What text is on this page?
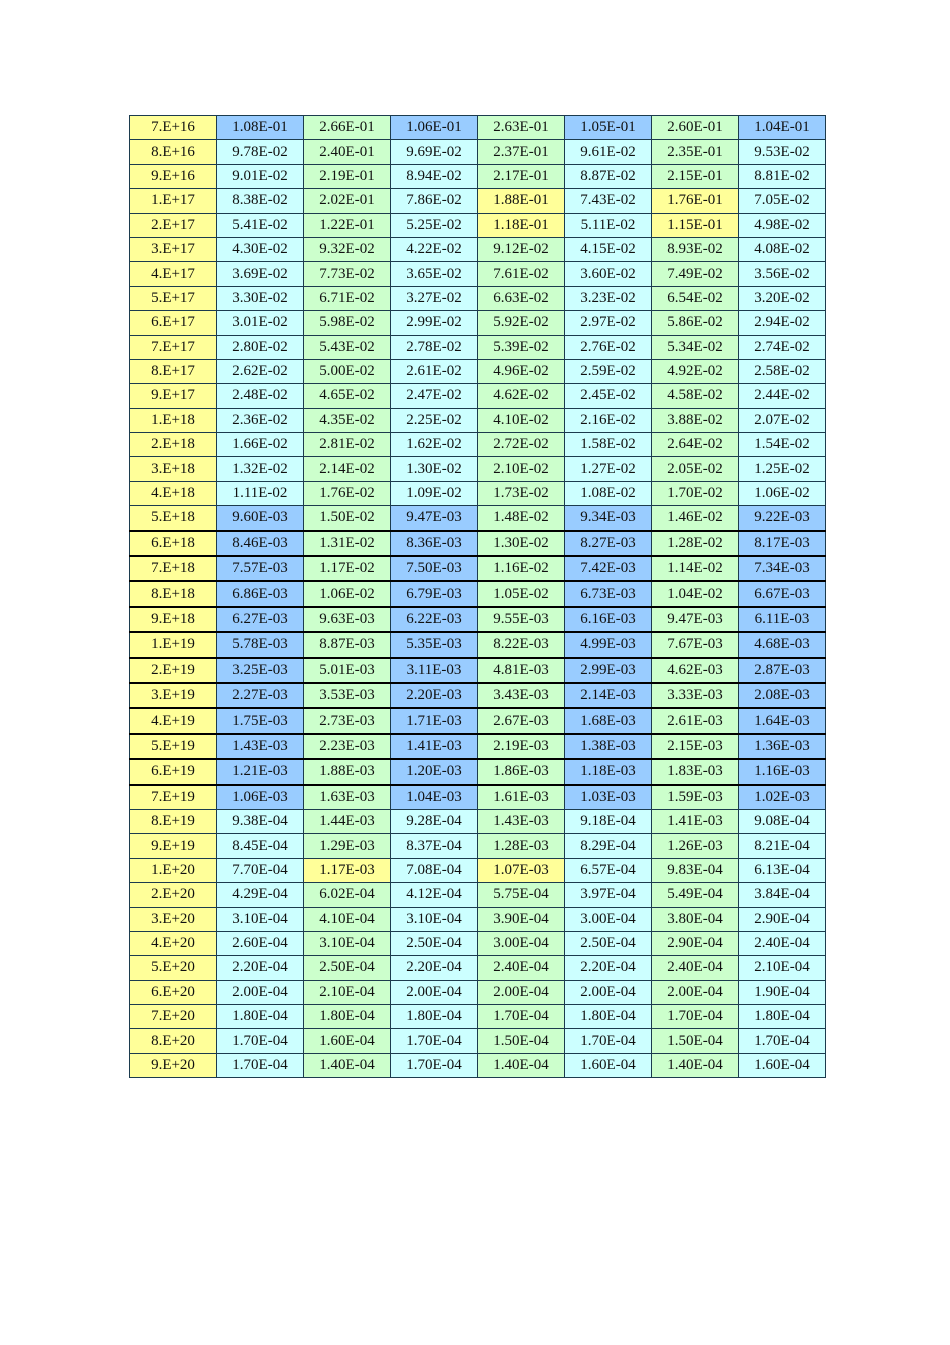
7.E+16	1.08E-01	2.66E-01	1.06E-01	2.63E-01	1.05E-01	2.60E-01	1.04E-01
8.E+16	9.78E-02	2.40E-01	9.69E-02	2.37E-01	9.61E-02	2.35E-01	9.53E-02
9.E+16	9.01E-02	2.19E-01	8.94E-02	2.17E-01	8.87E-02	2.15E-01	8.81E-02
1.E+17	8.38E-02	2.02E-01	7.86E-02	1.88E-01	7.43E-02	1.76E-01	7.05E-02
2.E+17	5.41E-02	1.22E-01	5.25E-02	1.18E-01	5.11E-02	1.15E-01	4.98E-02
3.E+17	4.30E-02	9.32E-02	4.22E-02	9.12E-02	4.15E-02	8.93E-02	4.08E-02
4.E+17	3.69E-02	7.73E-02	3.65E-02	7.61E-02	3.60E-02	7.49E-02	3.56E-02
5.E+17	3.30E-02	6.71E-02	3.27E-02	6.63E-02	3.23E-02	6.54E-02	3.20E-02
6.E+17	3.01E-02	5.98E-02	2.99E-02	5.92E-02	2.97E-02	5.86E-02	2.94E-02
7.E+17	2.80E-02	5.43E-02	2.78E-02	5.39E-02	2.76E-02	5.34E-02	2.74E-02
8.E+17	2.62E-02	5.00E-02	2.61E-02	4.96E-02	2.59E-02	4.92E-02	2.58E-02
9.E+17	2.48E-02	4.65E-02	2.47E-02	4.62E-02	2.45E-02	4.58E-02	2.44E-02
1.E+18	2.36E-02	4.35E-02	2.25E-02	4.10E-02	2.16E-02	3.88E-02	2.07E-02
2.E+18	1.66E-02	2.81E-02	1.62E-02	2.72E-02	1.58E-02	2.64E-02	1.54E-02
3.E+18	1.32E-02	2.14E-02	1.30E-02	2.10E-02	1.27E-02	2.05E-02	1.25E-02
4.E+18	1.11E-02	1.76E-02	1.09E-02	1.73E-02	1.08E-02	1.70E-02	1.06E-02
5.E+18	9.60E-03	1.50E-02	9.47E-03	1.48E-02	9.34E-03	1.46E-02	9.22E-03
6.E+18	8.46E-03	1.31E-02	8.36E-03	1.30E-02	8.27E-03	1.28E-02	8.17E-03
7.E+18	7.57E-03	1.17E-02	7.50E-03	1.16E-02	7.42E-03	1.14E-02	7.34E-03
8.E+18	6.86E-03	1.06E-02	6.79E-03	1.05E-02	6.73E-03	1.04E-02	6.67E-03
9.E+18	6.27E-03	9.63E-03	6.22E-03	9.55E-03	6.16E-03	9.47E-03	6.11E-03
1.E+19	5.78E-03	8.87E-03	5.35E-03	8.22E-03	4.99E-03	7.67E-03	4.68E-03
2.E+19	3.25E-03	5.01E-03	3.11E-03	4.81E-03	2.99E-03	4.62E-03	2.87E-03
3.E+19	2.27E-03	3.53E-03	2.20E-03	3.43E-03	2.14E-03	3.33E-03	2.08E-03
4.E+19	1.75E-03	2.73E-03	1.71E-03	2.67E-03	1.68E-03	2.61E-03	1.64E-03
5.E+19	1.43E-03	2.23E-03	1.41E-03	2.19E-03	1.38E-03	2.15E-03	1.36E-03
6.E+19	1.21E-03	1.88E-03	1.20E-03	1.86E-03	1.18E-03	1.83E-03	1.16E-03
7.E+19	1.06E-03	1.63E-03	1.04E-03	1.61E-03	1.03E-03	1.59E-03	1.02E-03
8.E+19	9.38E-04	1.44E-03	9.28E-04	1.43E-03	9.18E-04	1.41E-03	9.08E-04
9.E+19	8.45E-04	1.29E-03	8.37E-04	1.28E-03	8.29E-04	1.26E-03	8.21E-04
1.E+20	7.70E-04	1.17E-03	7.08E-04	1.07E-03	6.57E-04	9.83E-04	6.13E-04
2.E+20	4.29E-04	6.02E-04	4.12E-04	5.75E-04	3.97E-04	5.49E-04	3.84E-04
3.E+20	3.10E-04	4.10E-04	3.10E-04	3.90E-04	3.00E-04	3.80E-04	2.90E-04
4.E+20	2.60E-04	3.10E-04	2.50E-04	3.00E-04	2.50E-04	2.90E-04	2.40E-04
5.E+20	2.20E-04	2.50E-04	2.20E-04	2.40E-04	2.20E-04	2.40E-04	2.10E-04
6.E+20	2.00E-04	2.10E-04	2.00E-04	2.00E-04	2.00E-04	2.00E-04	1.90E-04
7.E+20	1.80E-04	1.80E-04	1.80E-04	1.70E-04	1.80E-04	1.70E-04	1.80E-04
8.E+20	1.70E-04	1.60E-04	1.70E-04	1.50E-04	1.70E-04	1.50E-04	1.70E-04
9.E+20	1.70E-04	1.40E-04	1.70E-04	1.40E-04	1.60E-04	1.40E-04	1.60E-04
